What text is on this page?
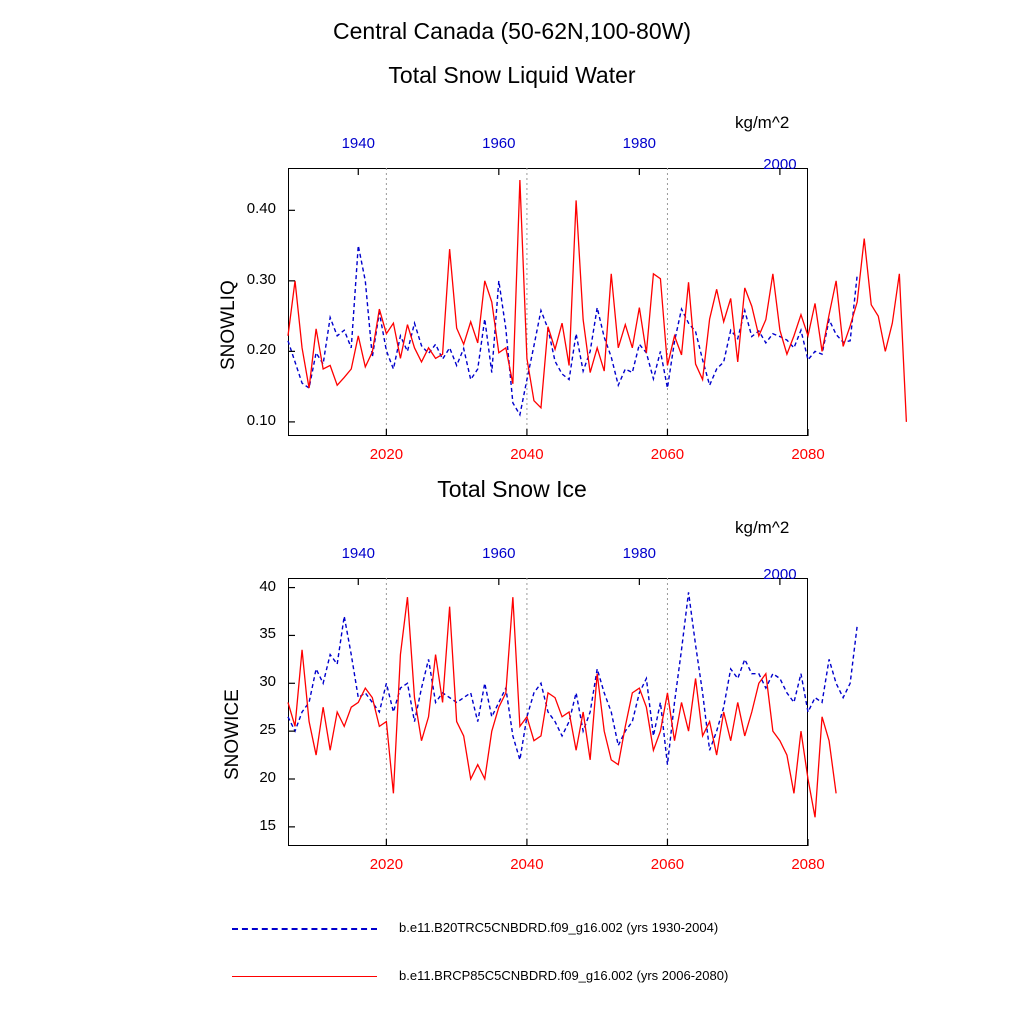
Central Canada (50-62N,100-80W)
Total Snow Liquid Water
Total Snow Ice
kg/m^2
kg/m^2
SNOWLIQ
SNOWICE
0.10
0.20
0.30
0.40
2020	2040	2060	2080
1940	1960	1980
2000
15
20
25
30
35
40
2020	2040	2060	2080
1940	1960	1980
2000
b.e11.B20TRC5CNBDRD.f09_g16.002 (yrs 1930-2004)
b.e11.BRCP85C5CNBDRD.f09_g16.002 (yrs 2006-2080)
